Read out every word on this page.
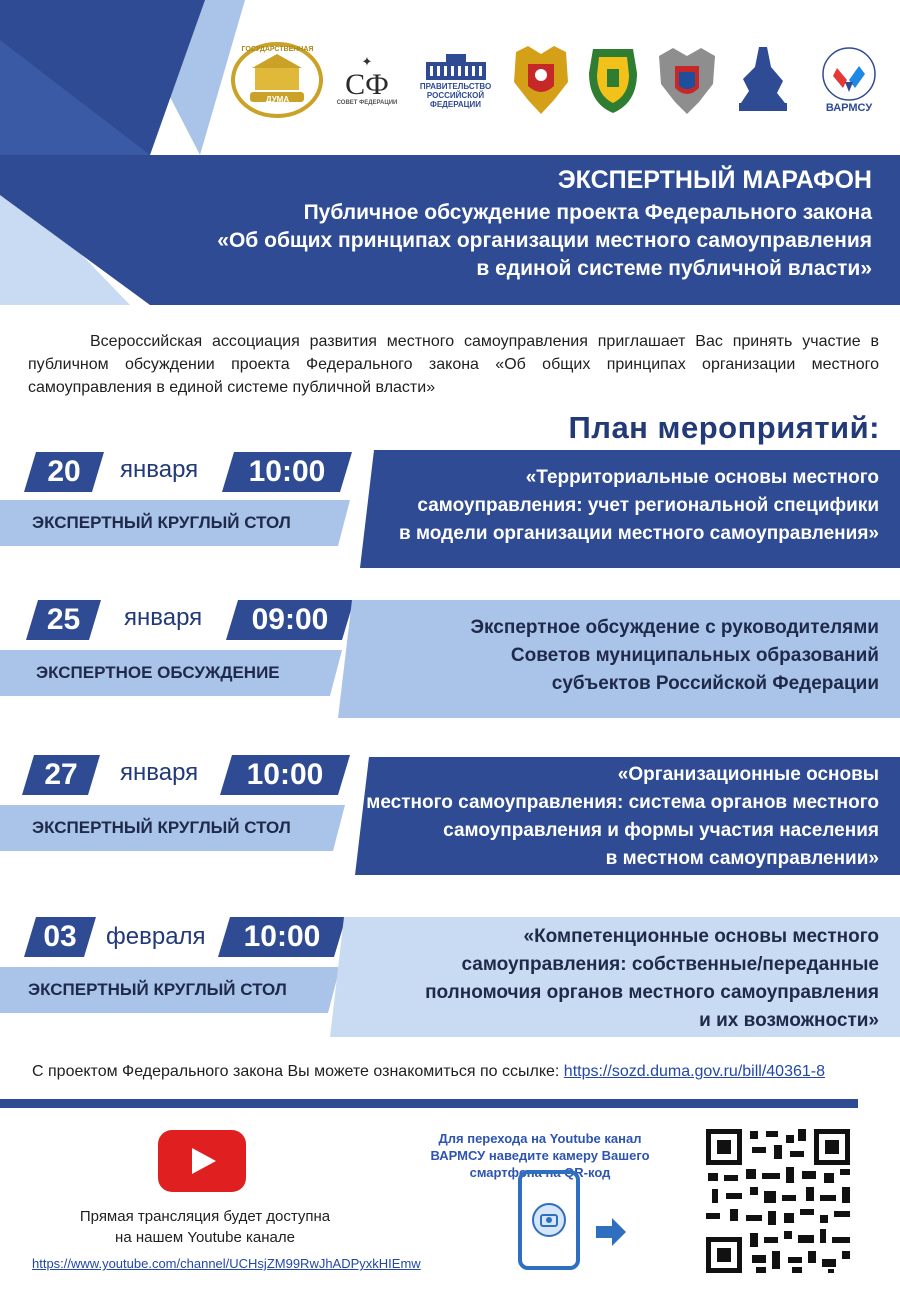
ГОСУДАРСТВЕННАЯ
ДУМА
✦
СФ
СОВЕТ ФЕДЕРАЦИИ
ПРАВИТЕЛЬСТВО
РОССИЙСКОЙ
ФЕДЕРАЦИИ	ВАРМСУ
ЭКСПЕРТНЫЙ МАРАФОН
Публичное обсуждение проекта Федерального закона
«Об общих принципах организации местного самоуправления
в единой системе публичной власти»
Всероссийская ассоциация развития местного самоуправления приглашает Вас принять участие в публичном обсуждении проекта Федерального закона «Об общих принципах организации местного самоуправления в единой системе публичной власти»
План мероприятий:
20	января	10:00
ЭКСПЕРТНЫЙ КРУГЛЫЙ СТОЛ
«Территориальные основы местного
самоуправления: учет региональной специфики
в модели организации местного самоуправления»
25	января	09:00
ЭКСПЕРТНОЕ ОБСУЖДЕНИЕ
Экспертное обсуждение с руководителями
Советов муниципальных образований
субъектов Российской Федерации
27	января	10:00
ЭКСПЕРТНЫЙ КРУГЛЫЙ СТОЛ
«Организационные основы
местного самоуправления: система органов местного
самоуправления и формы участия населения
в местном самоуправлении»
03	февраля	10:00
ЭКСПЕРТНЫЙ КРУГЛЫЙ СТОЛ
«Компетенционные основы местного
самоуправления: собственные/переданные
полномочия органов местного самоуправления
и их возможности»
С проектом Федерального закона Вы можете ознакомиться по ссылке: https://sozd.duma.gov.ru/bill/40361-8
Прямая трансляция будет доступна
на нашем Youtube канале
https://www.youtube.com/channel/UCHsjZM99RwJhADPyxkHIEmw
Для перехода на Youtube канал
ВАРМСУ наведите камеру Вашего
смартфона на QR-код
